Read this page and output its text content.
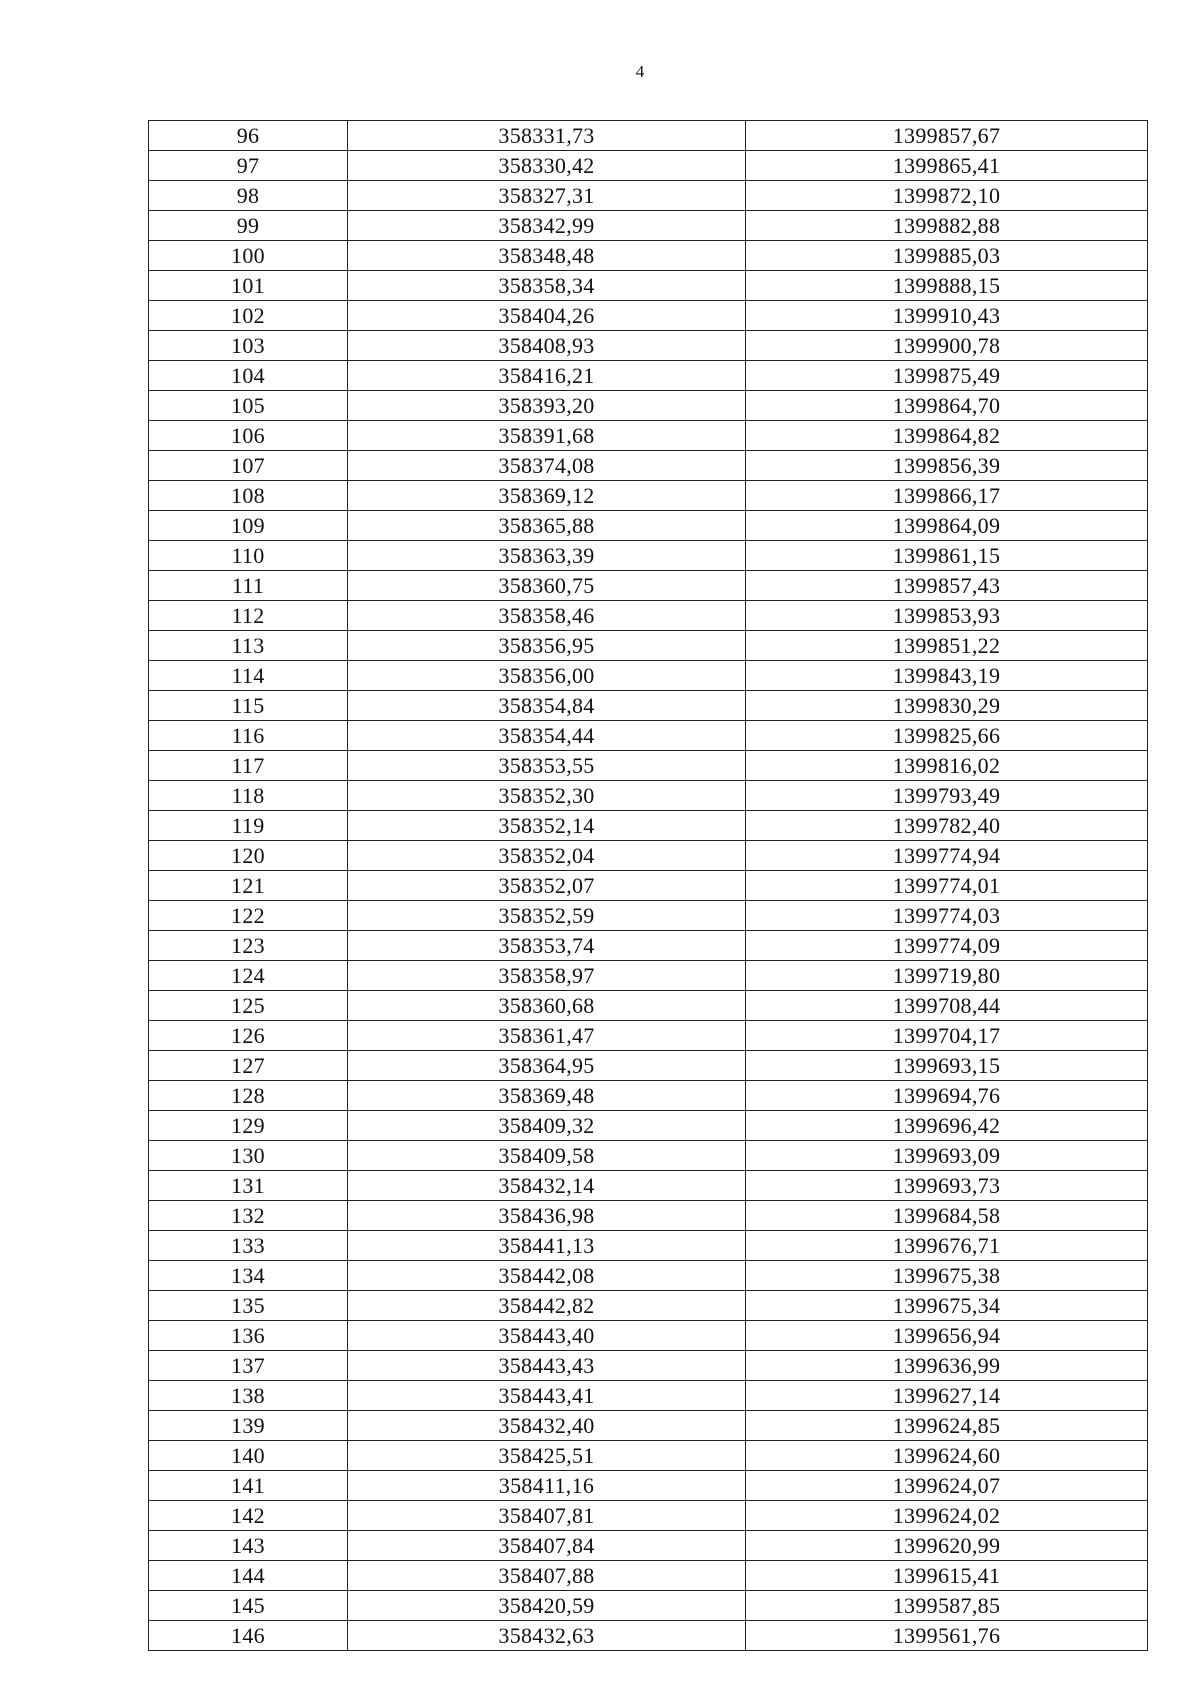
4
96	358331,73	1399857,67
97	358330,42	1399865,41
98	358327,31	1399872,10
99	358342,99	1399882,88
100	358348,48	1399885,03
101	358358,34	1399888,15
102	358404,26	1399910,43
103	358408,93	1399900,78
104	358416,21	1399875,49
105	358393,20	1399864,70
106	358391,68	1399864,82
107	358374,08	1399856,39
108	358369,12	1399866,17
109	358365,88	1399864,09
110	358363,39	1399861,15
111	358360,75	1399857,43
112	358358,46	1399853,93
113	358356,95	1399851,22
114	358356,00	1399843,19
115	358354,84	1399830,29
116	358354,44	1399825,66
117	358353,55	1399816,02
118	358352,30	1399793,49
119	358352,14	1399782,40
120	358352,04	1399774,94
121	358352,07	1399774,01
122	358352,59	1399774,03
123	358353,74	1399774,09
124	358358,97	1399719,80
125	358360,68	1399708,44
126	358361,47	1399704,17
127	358364,95	1399693,15
128	358369,48	1399694,76
129	358409,32	1399696,42
130	358409,58	1399693,09
131	358432,14	1399693,73
132	358436,98	1399684,58
133	358441,13	1399676,71
134	358442,08	1399675,38
135	358442,82	1399675,34
136	358443,40	1399656,94
137	358443,43	1399636,99
138	358443,41	1399627,14
139	358432,40	1399624,85
140	358425,51	1399624,60
141	358411,16	1399624,07
142	358407,81	1399624,02
143	358407,84	1399620,99
144	358407,88	1399615,41
145	358420,59	1399587,85
146	358432,63	1399561,76
